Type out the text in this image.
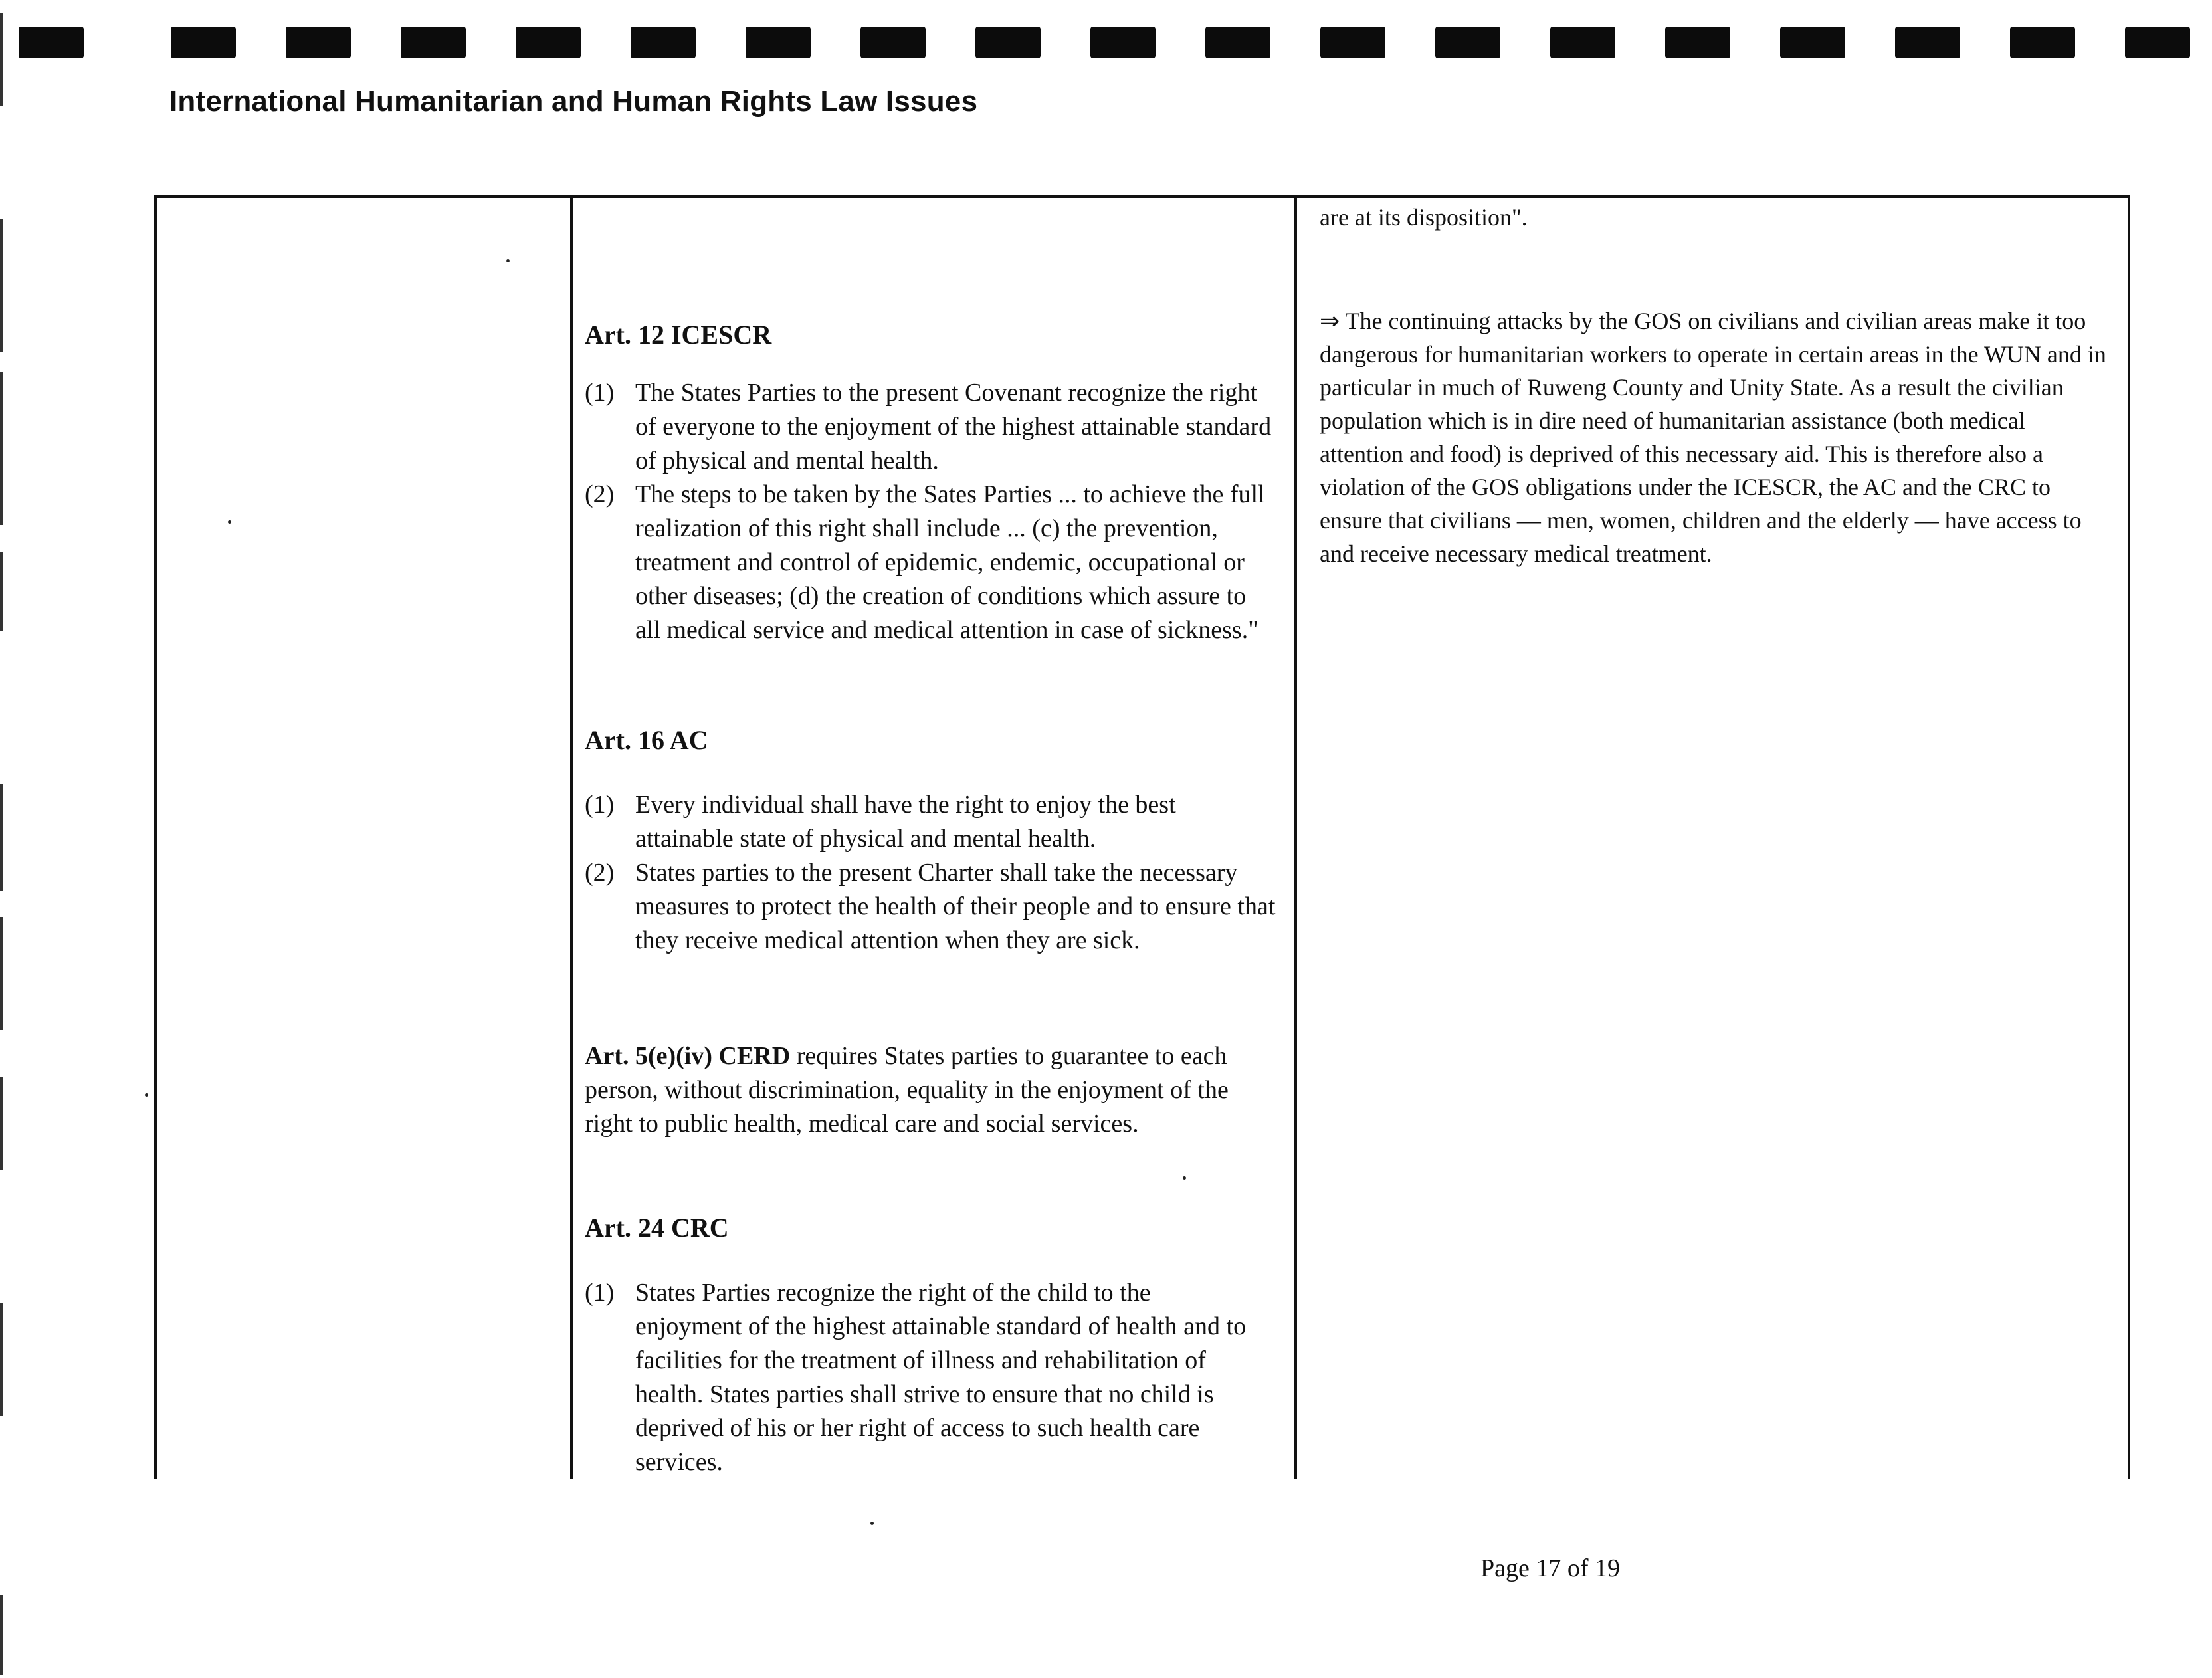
International Humanitarian and Human Rights Law Issues

Art. 12 ICESCR

(1) The States Parties to the present Covenant recognize the right of everyone to the enjoyment of the highest attainable standard of physical and mental health.
(2) The steps to be taken by the Sates Parties ... to achieve the full realization of this right shall include ... (c) the prevention, treatment and control of epidemic, endemic, occupational or other diseases; (d) the creation of conditions which assure to all medical service and medical attention in case of sickness."

Art. 16 AC

(1) Every individual shall have the right to enjoy the best attainable state of physical and mental health.
(2) States parties to the present Charter shall take the necessary measures to protect the health of their people and to ensure that they receive medical attention when they are sick.

Art. 5(e)(iv) CERD requires States parties to guarantee to each person, without discrimination, equality in the enjoyment of the right to public health, medical care and social services.

Art. 24 CRC

(1) States Parties recognize the right of the child to the enjoyment of the highest attainable standard of health and to facilities for the treatment of illness and rehabilitation of health. States parties shall strive to ensure that no child is deprived of his or her right of access to such health care services.

are at its disposition".

⇒ The continuing attacks by the GOS on civilians and civilian areas make it too dangerous for humanitarian workers to operate in certain areas in the WUN and in particular in much of Ruweng County and Unity State. As a result the civilian population which is in dire need of humanitarian assistance (both medical attention and food) is deprived of this necessary aid. This is therefore also a violation of the GOS obligations under the ICESCR, the AC and the CRC to ensure that civilians — men, women, children and the elderly — have access to and receive necessary medical treatment.

Page 17 of 19
